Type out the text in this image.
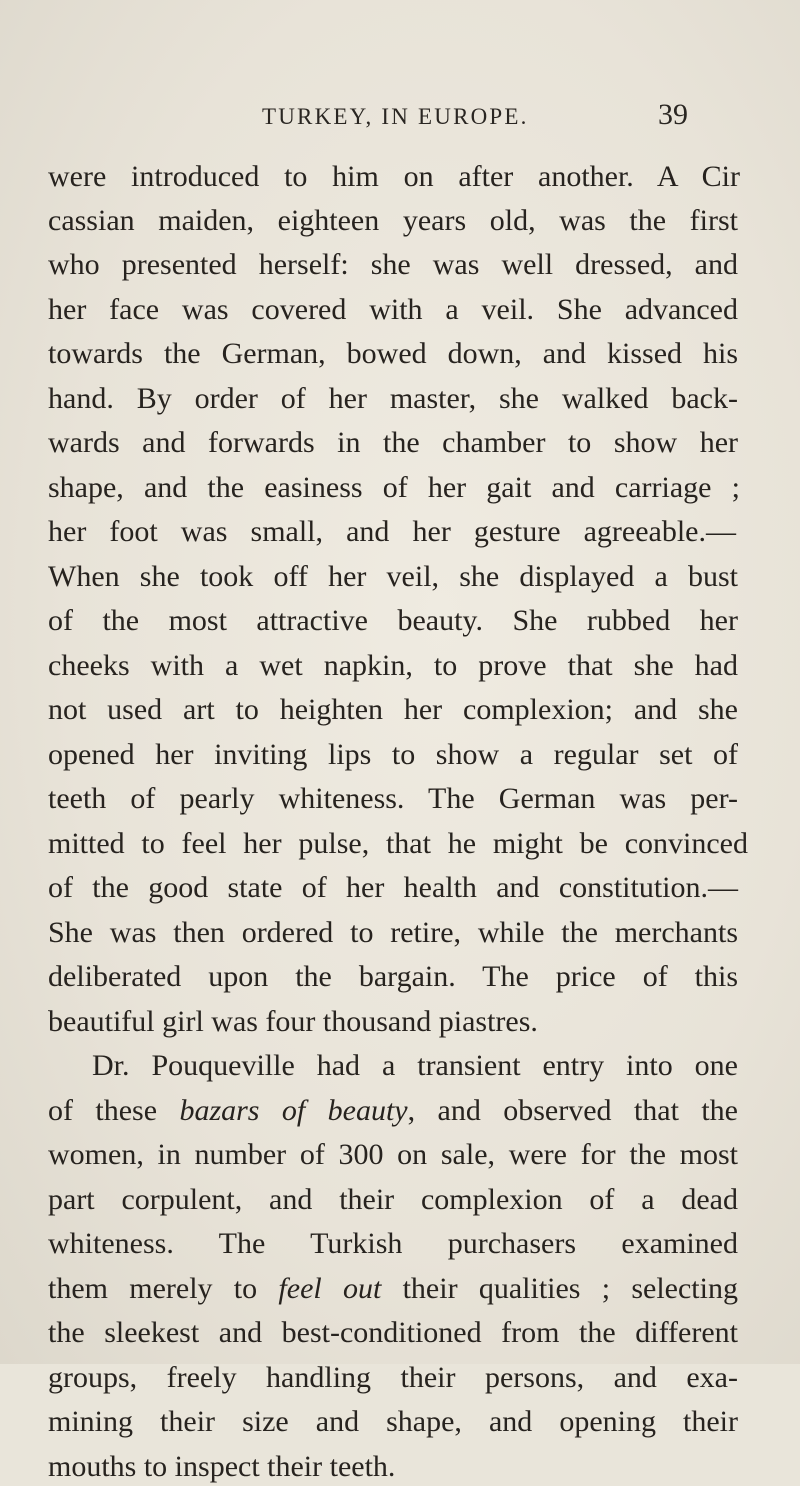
TURKEY, IN EUROPE.	39
were introduced to him on after another. A Cir
cassian maiden, eighteen years old, was the first
who presented herself: she was well dressed, and
her face was covered with a veil. She advanced
towards the German, bowed down, and kissed his
hand. By order of her master, she walked back-
wards and forwards in the chamber to show her
shape, and the easiness of her gait and carriage ;
her foot was small, and her gesture agreeable.—
When she took off her veil, she displayed a bust
of the most attractive beauty. She rubbed her
cheeks with a wet napkin, to prove that she had
not used art to heighten her complexion; and she
opened her inviting lips to show a regular set of
teeth of pearly whiteness. The German was per-
mitted to feel her pulse, that he might be convinced
of the good state of her health and constitution.—
She was then ordered to retire, while the merchants
deliberated upon the bargain. The price of this
beautiful girl was four thousand piastres.
Dr. Pouqueville had a transient entry into one
of these bazars of beauty, and observed that the
women, in number of 300 on sale, were for the most
part corpulent, and their complexion of a dead
whiteness. The Turkish purchasers examined
them merely to feel out their qualities ; selecting
the sleekest and best-conditioned from the different
groups, freely handling their persons, and exa-
mining their size and shape, and opening their
mouths to inspect their teeth.
